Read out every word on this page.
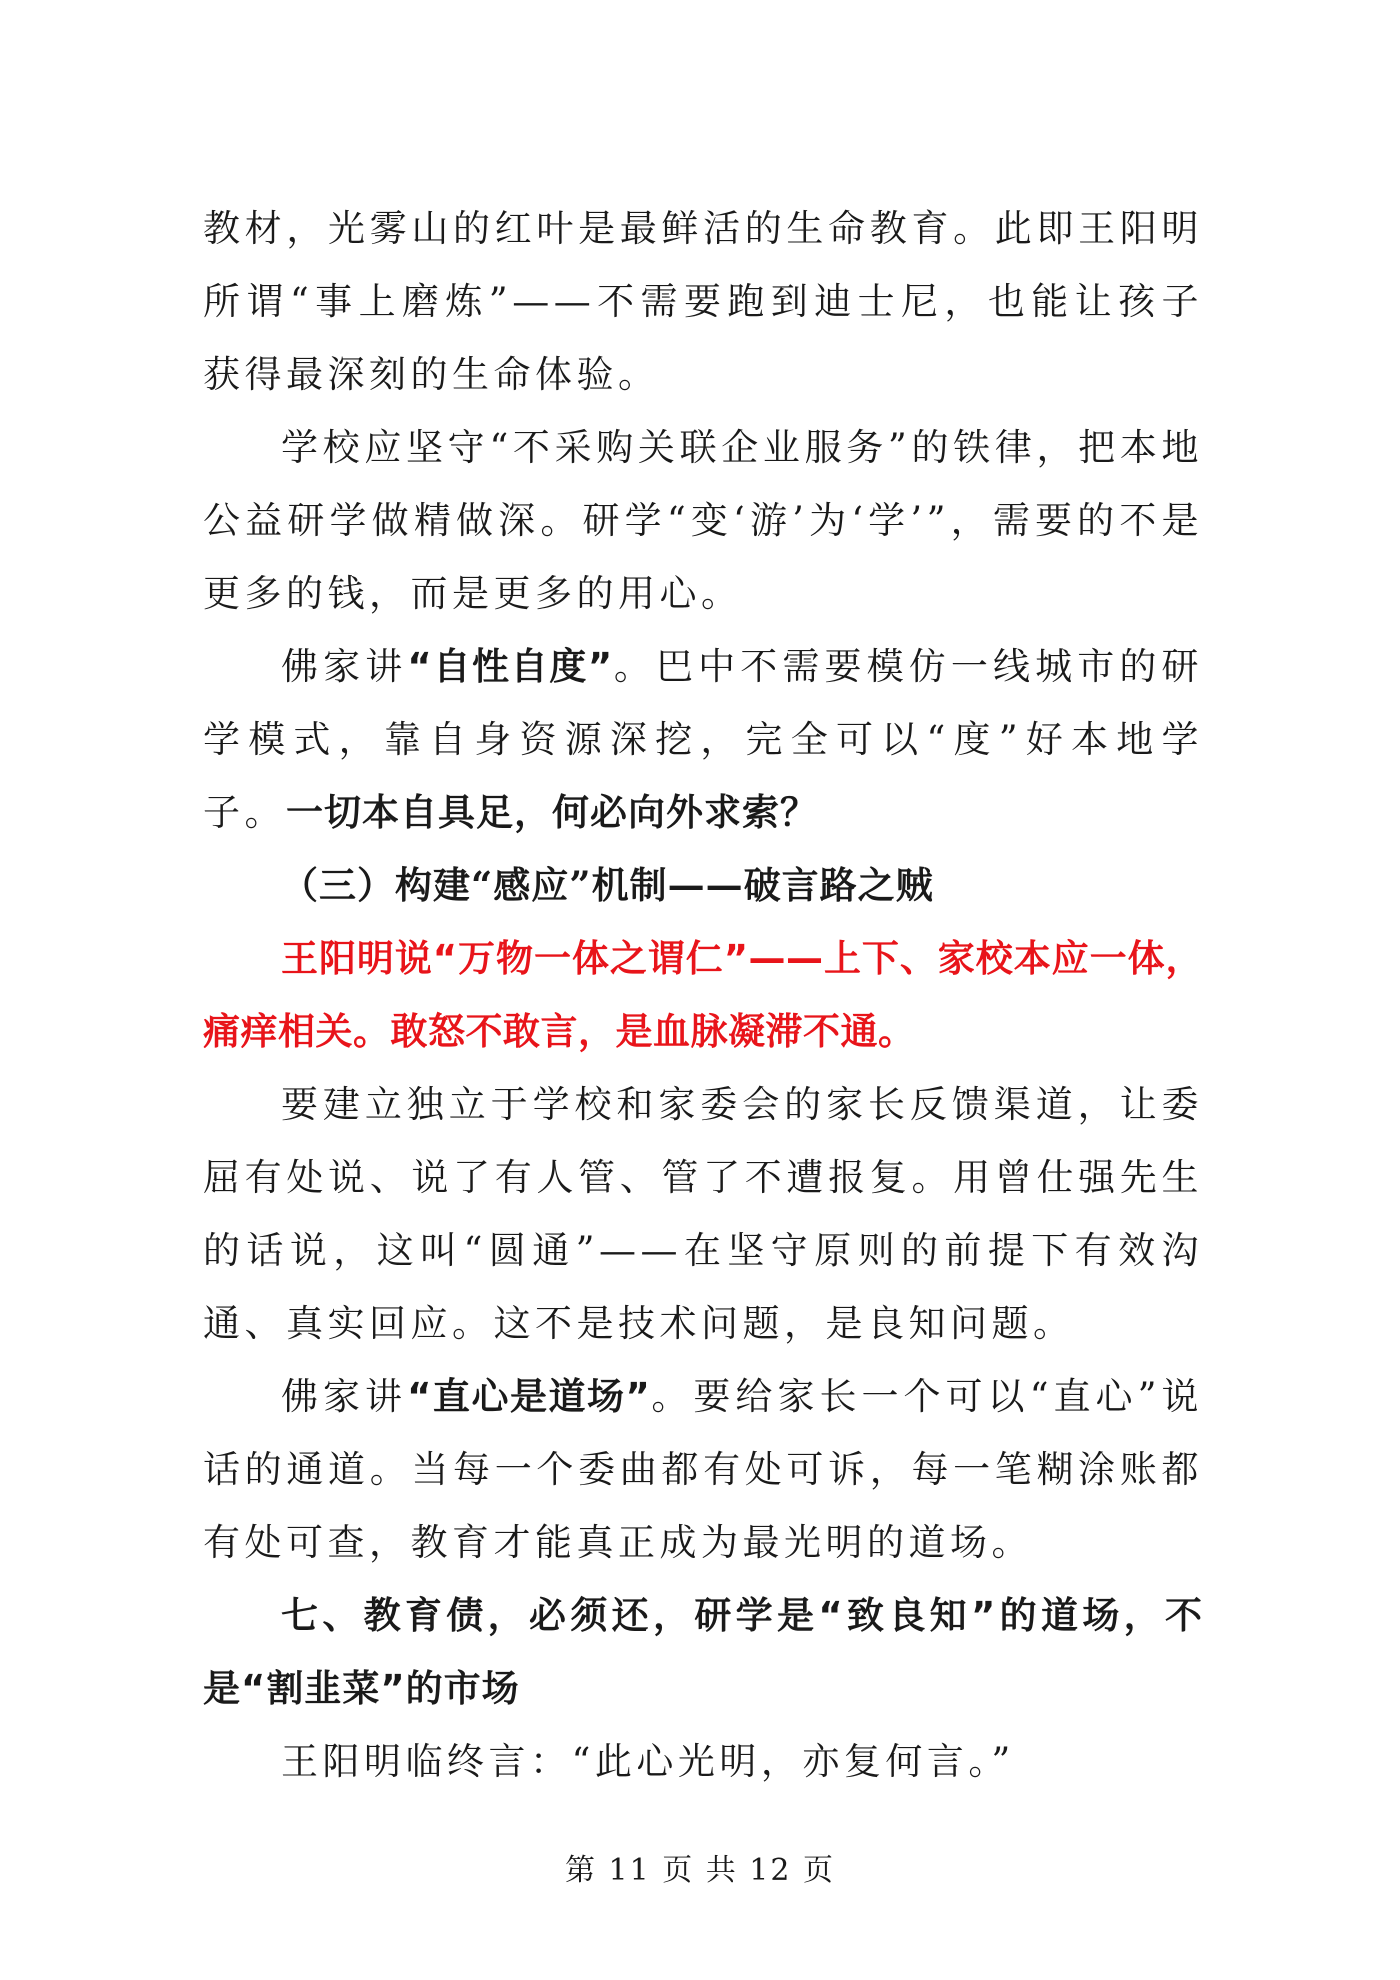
教材，光雾山的红叶是最鲜活的生命教育。此即王阳明所谓“事上磨炼”——不需要跑到迪士尼，也能让孩子获得最深刻的生命体验。

学校应坚守“不采购关联企业服务”的铁律，把本地公益研学做精做深。研学“变‘游’为‘学’”，需要的不是更多的钱，而是更多的用心。

佛家讲“自性自度”。巴中不需要模仿一线城市的研学模式，靠自身资源深挖，完全可以“度”好本地学子。一切本自具足，何必向外求索？

（三）构建“感应”机制——破言路之贼

王阳明说“万物一体之谓仁”——上下、家校本应一体，痛痒相关。敢怒不敢言，是血脉凝滞不通。

要建立独立于学校和家委会的家长反馈渠道，让委屈有处说、说了有人管、管了不遭报复。用曾仕强先生的话说，这叫“圆通”——在坚守原则的前提下有效沟通、真实回应。这不是技术问题，是良知问题。

佛家讲“直心是道场”。要给家长一个可以“直心”说话的通道。当每一个委曲都有处可诉，每一笔糊涂账都有处可查，教育才能真正成为最光明的道场。

七、教育债，必须还，研学是“致良知”的道场，不是“割韭菜”的市场

王阳明临终言：“此心光明，亦复何言。”

第 11 页 共 12 页
